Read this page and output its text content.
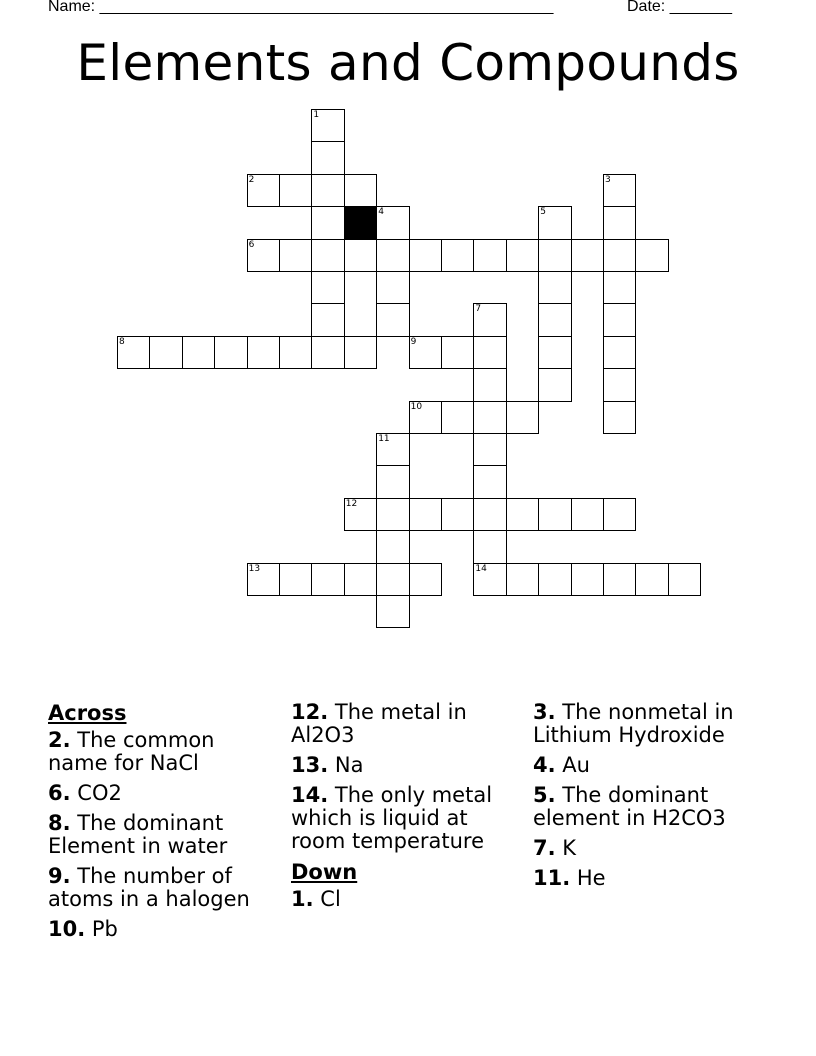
Name: ___________________________________________________	Date: _______
Elements and Compounds
1
2	3
4	5
6
7
8	9
10
11
12
13	14
Across
2. The common name for NaCl
6. CO2
8. The dominant Element in water
9. The number of atoms in a halogen
10. Pb
12. The metal in Al2O3
13. Na
14. The only metal which is liquid at room temperature
Down
1. Cl
3. The nonmetal in Lithium Hydroxide
4. Au
5. The dominant element in H2CO3
7. K
11. He
